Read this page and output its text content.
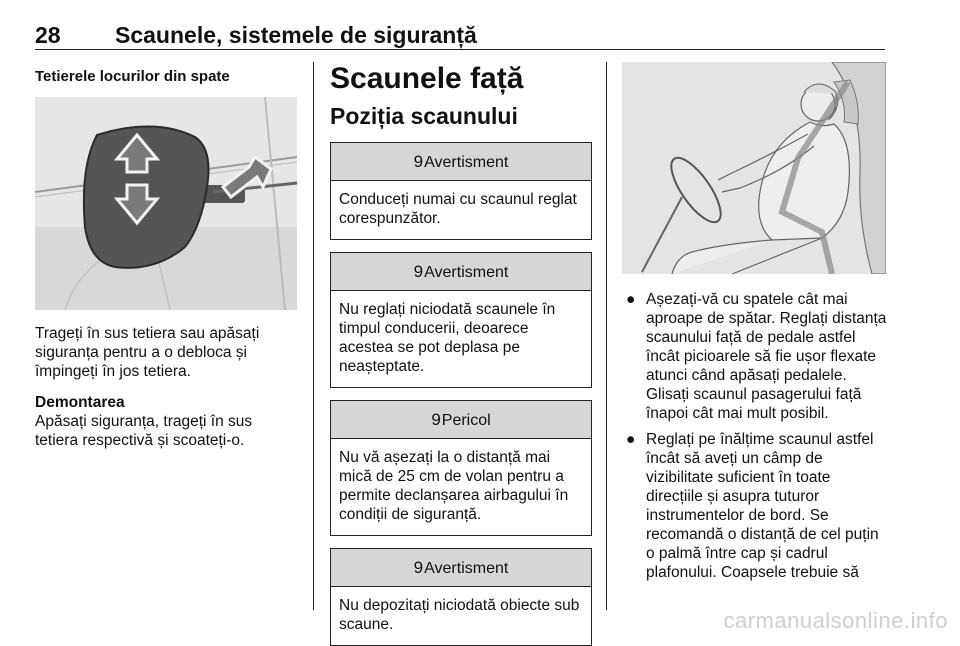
28 Scaunele, sistemele de siguranță

Tetierele locurilor din spate

Trageți în sus tetiera sau apăsați siguranța pentru a o debloca și împingeți în jos tetiera.

Demontarea

Apăsați siguranța, trageți în sus tetiera respectivă și scoateți-o.

Scaunele față
Poziția scaunului
9Avertisment
Conduceți numai cu scaunul reglat corespunzător.
9Avertisment
Nu reglați niciodată scaunele în timpul conducerii, deoarece acestea se pot deplasa pe neașteptate.
9Pericol
Nu vă așezați la o distanță mai mică de 25 cm de volan pentru a permite declanșarea airbagului în condiții de siguranță.
9Avertisment
Nu depozitați niciodată obiecte sub scaune.
● Așezați-vă cu spatele cât mai aproape de spătar. Reglați distanța scaunului față de pedale astfel încât picioarele să fie ușor flexate atunci când apăsați pedalele. Glisați scaunul pasagerului față înapoi cât mai mult posibil.
● Reglați pe înălțime scaunul astfel încât să aveți un câmp de vizibilitate suficient în toate direcțiile și asupra tuturor instrumentelor de bord. Se recomandă o distanță de cel puțin o palmă între cap și cadrul plafonului. Coapsele trebuie să
carmanualsonline.info
